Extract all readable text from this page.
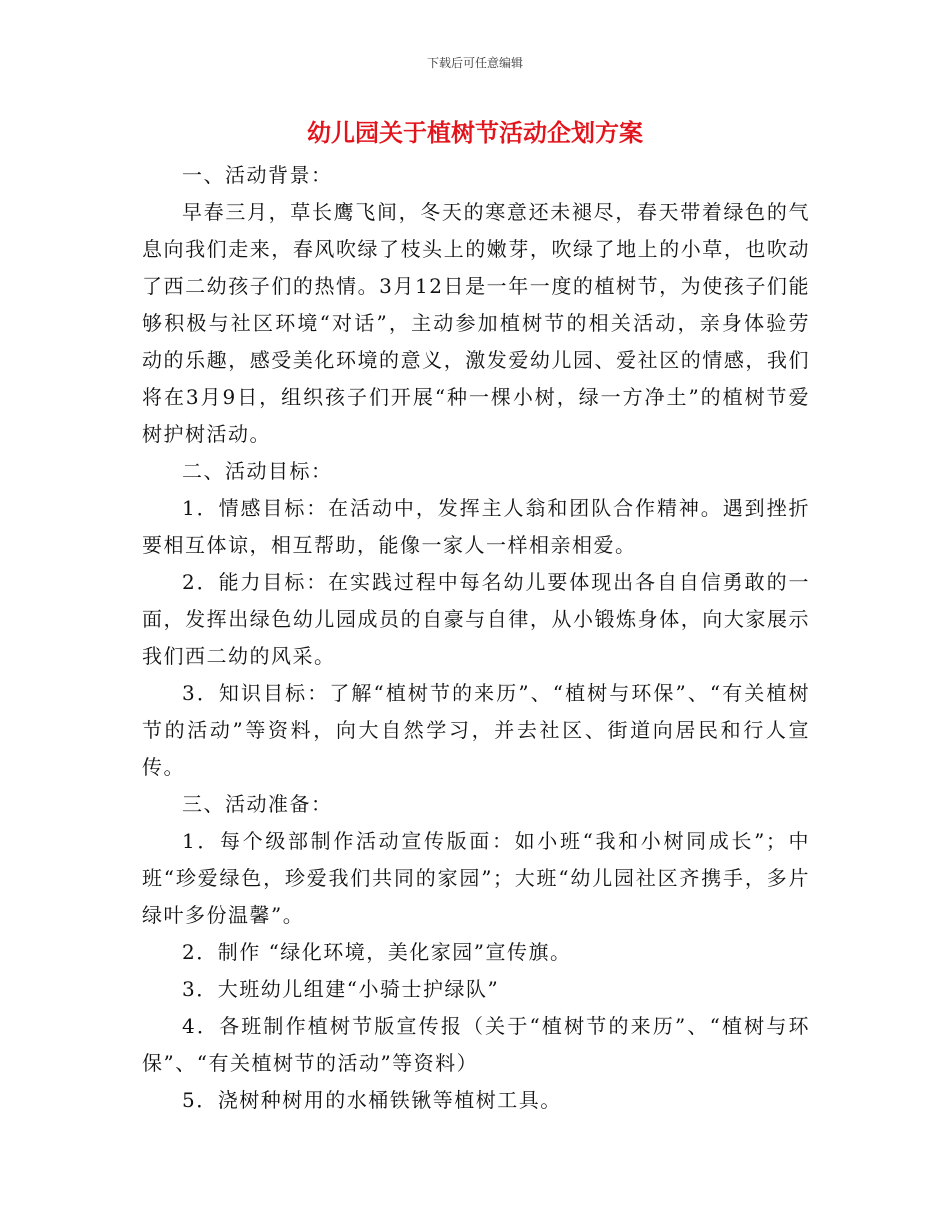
下载后可任意编辑
幼儿园关于植树节活动企划方案

一、活动背景：

早春三月，草长鹰飞间，冬天的寒意还未褪尽，春天带着绿色的气息向我们走来，春风吹绿了枝头上的嫩芽，吹绿了地上的小草，也吹动了西二幼孩子们的热情。3月12日是一年一度的植树节，为使孩子们能够积极与社区环境“对话”，主动参加植树节的相关活动，亲身体验劳动的乐趣，感受美化环境的意义，激发爱幼儿园、爱社区的情感，我们将在3月9日，组织孩子们开展“种一棵小树，绿一方净土”的植树节爱树护树活动。

二、活动目标：

1．情感目标：在活动中，发挥主人翁和团队合作精神。遇到挫折要相互体谅，相互帮助，能像一家人一样相亲相爱。

2．能力目标：在实践过程中每名幼儿要体现出各自自信勇敢的一面，发挥出绿色幼儿园成员的自豪与自律，从小锻炼身体，向大家展示我们西二幼的风采。

3．知识目标：了解“植树节的来历”、“植树与环保”、“有关植树节的活动”等资料，向大自然学习，并去社区、街道向居民和行人宣传。

三、活动准备：

1．每个级部制作活动宣传版面：如小班“我和小树同成长”；中班“珍爱绿色，珍爱我们共同的家园”；大班“幼儿园社区齐携手，多片绿叶多份温馨”。

2．制作 “绿化环境，美化家园”宣传旗。

3．大班幼儿组建“小骑士护绿队”

4．各班制作植树节版宣传报（关于“植树节的来历”、“植树与环保”、“有关植树节的活动”等资料）

5．浇树种树用的水桶铁锹等植树工具。
